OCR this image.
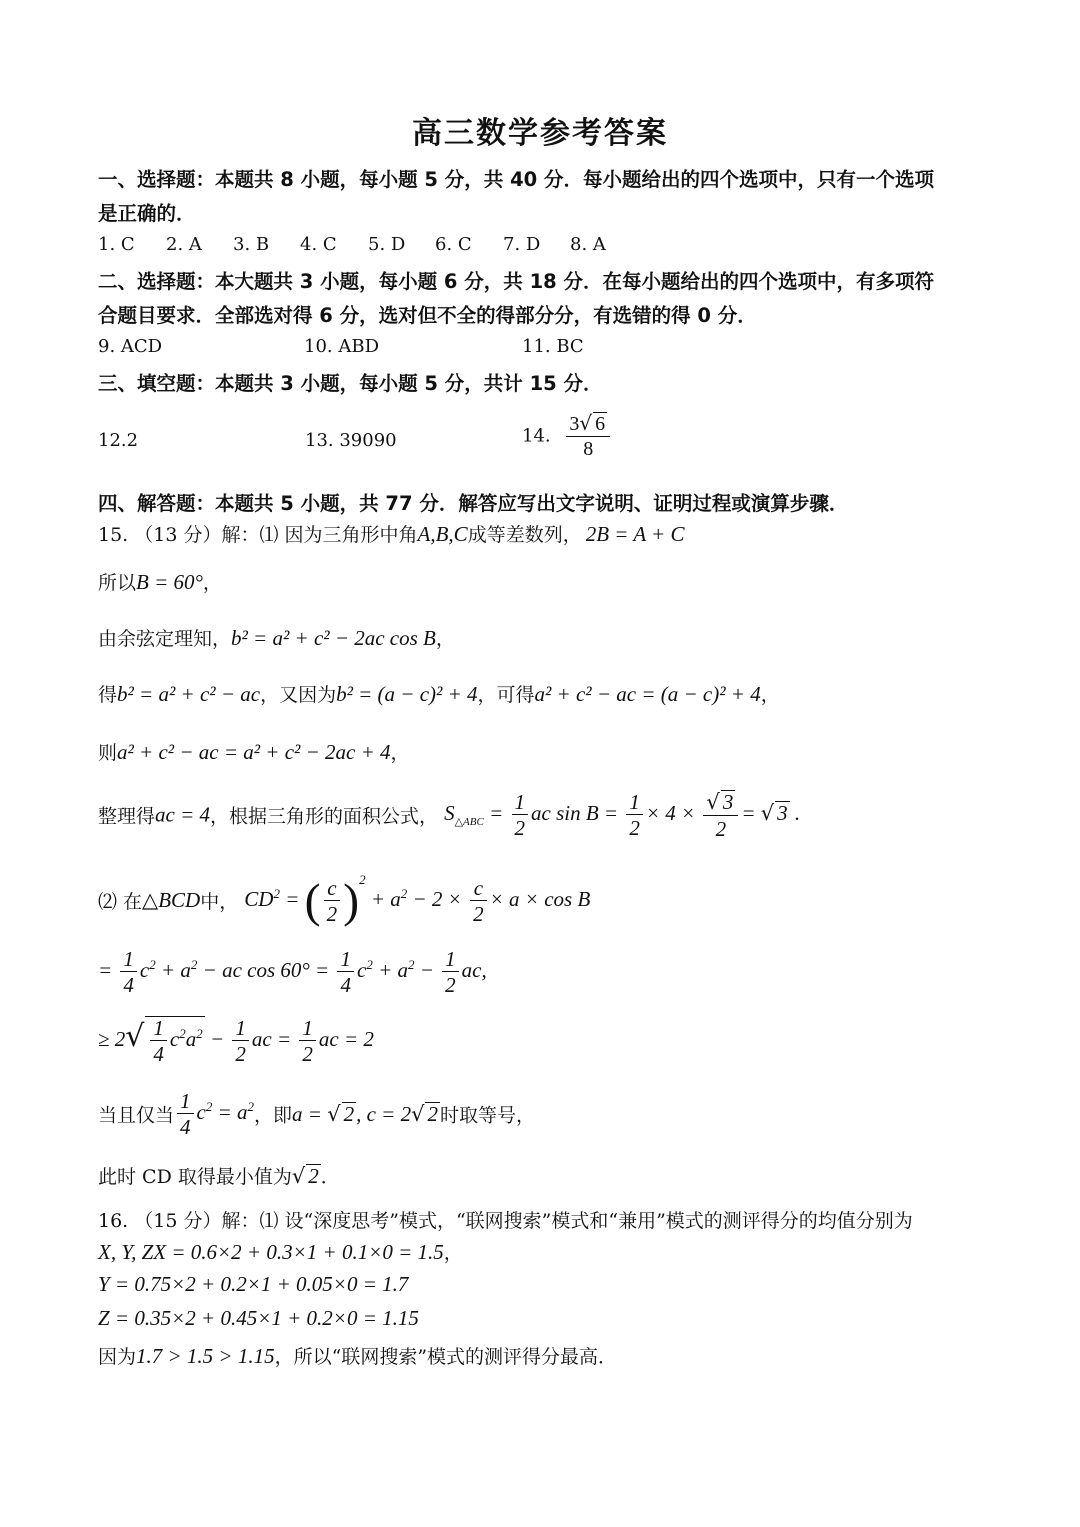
高三数学参考答案
一、选择题：本题共 8 小题，每小题 5 分，共 40 分．每小题给出的四个选项中，只有一个选项
是正确的．
1. C 2. A 3. B 4. C 5. D 6. C 7. D 8. A
二、选择题：本大题共 3 小题，每小题 6 分，共 18 分．在每小题给出的四个选项中，有多项符
合题目要求．全部选对得 6 分，选对但不全的得部分分，有选错的得 0 分．
9. ACD	10. ABD	11. BC
三、填空题：本题共 3 小题，每小题 5 分，共计 15 分．
12.2	13. 39090	14. $\frac{3√ 6}{8}$
四、解答题：本题共 5 小题，共 77 分．解答应写出文字说明、证明过程或演算步骤．
15. （13 分）解：⑴ 因为三角形中角A,B,C成等差数列， 2B = A + C
所以B = 60°，
由余弦定理知，b² = a² + c² − 2ac cos B，
得b² = a² + c² − ac，又因为b² = (a − c)² + 4，可得a² + c² − ac = (a − c)² + 4，
则a² + c² − ac = a² + c² − 2ac + 4，
整理得ac = 4，根据三角形的面积公式， $S_{\triangle ABC} = \frac{1}{2}$ ac $\sin B = \frac{1}{2} \times 4 \times \frac{√ 3}{2}$ = √ 3 .
⑵ 在△BCD中， $CD^2$ = ( $\frac{c}{2} )^2 + a^2 - 2 \times \frac{c}{2} \times a \times \cos B$
= $\frac{1}{4} c^2 + a^2$ − ac $\cos 60^\circ = \frac{1}{4} c^2 + a^2 - \frac{1}{2}$ ac,
≥ $2√ \frac{1}{4} c^2a^2 - \frac{1}{2}$ ac = $\frac{1}{2}$ ac = 2
当且仅当 $\frac{1}{4} c^2 = a^2$，即a = √ 2, c = 2√ 2 时取等号，
此时 CD 取得最小值为√ 2 ．
16. （15 分）解：⑴ 设“深度思考”模式，“联网搜索”模式和“兼用”模式的测评得分的均值分别为
X, Y, ZX = 0.6×2 + 0.3×1 + 0.1×0 = 1.5，
Y = 0.75×2 + 0.2×1 + 0.05×0 = 1.7
Z = 0.35×2 + 0.45×1 + 0.2×0 = 1.15
因为1.7 > 1.5 > 1.15，所以“联网搜索”模式的测评得分最高．
